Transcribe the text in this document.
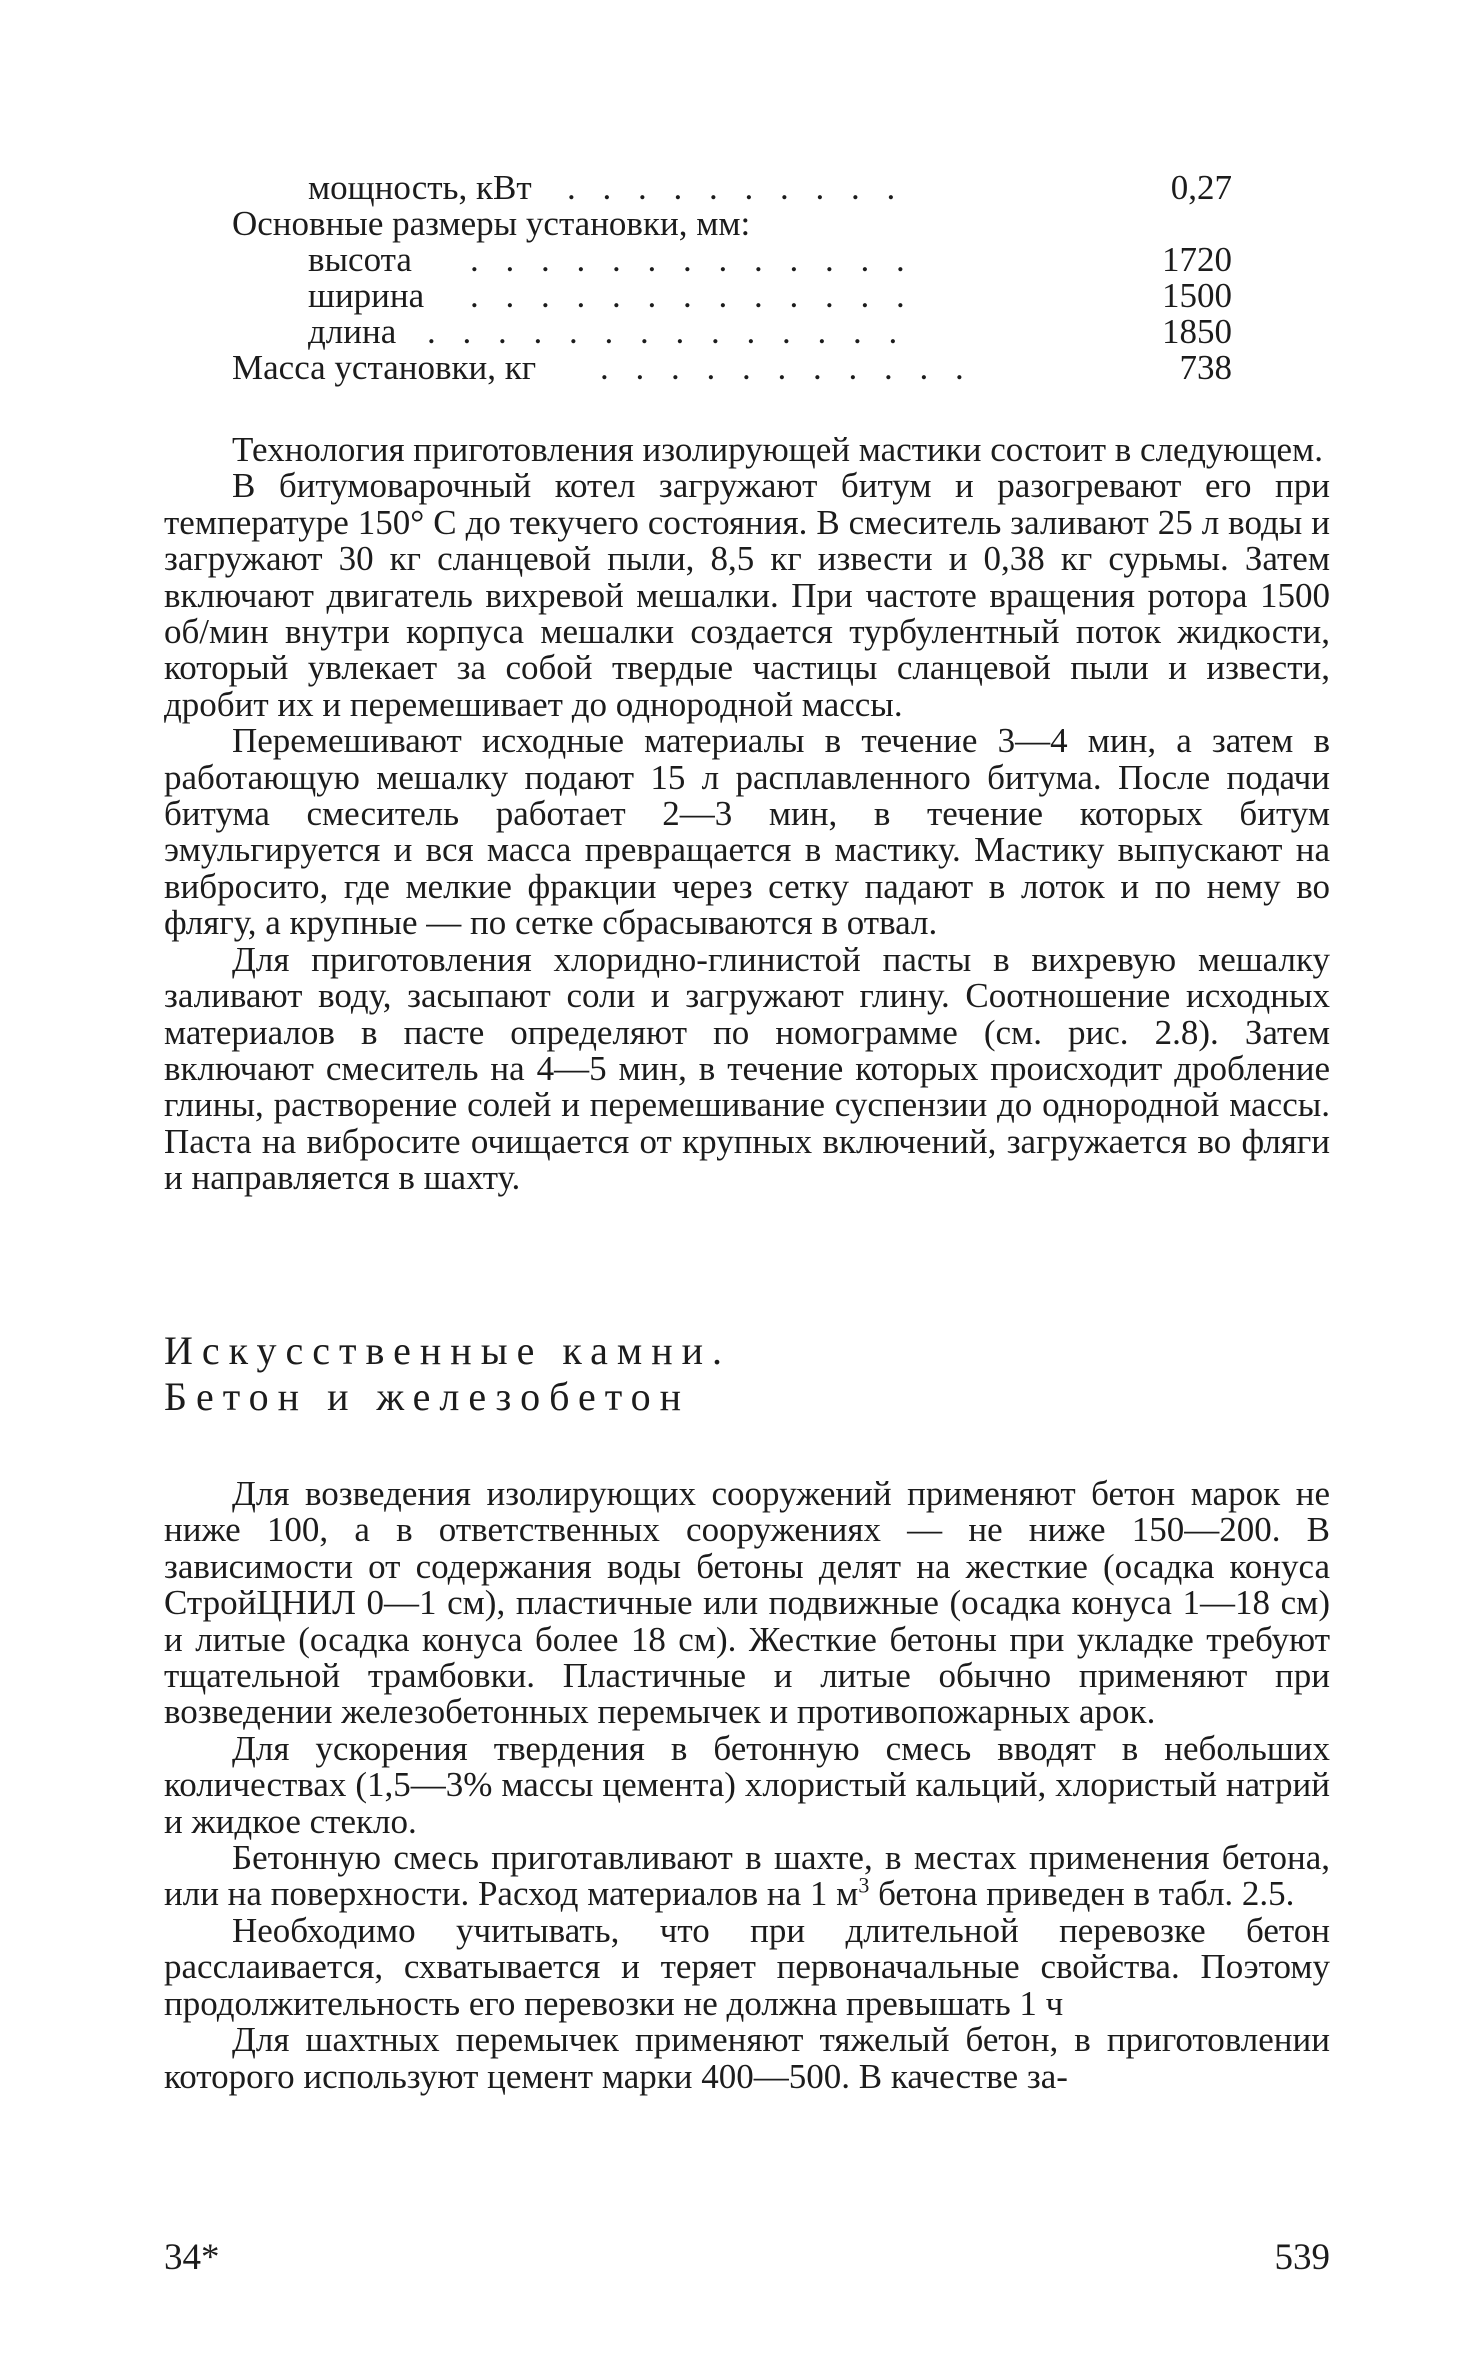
мощность, кВт . . . . . . . . . .	0,27
Основные размеры установки, мм:
высота . . . . . . . . . . . . .	1720
ширина . . . . . . . . . . . . .	1500
длина . . . . . . . . . . . . . .	1850
Масса установки, кг . . . . . . . . . . .	738

Технология приготовления изолирующей мастики состоит в следующем.

В битумоварочный котел загружают битум и разогревают его при температуре 150° С до текучего состояния. В смеситель заливают 25 л воды и загружают 30 кг сланцевой пыли, 8,5 кг извести и 0,38 кг сурьмы. Затем включают двигатель вихревой мешалки. При частоте вращения ротора 1500 об/мин внутри корпуса мешалки создается турбулентный поток жидкости, который увлекает за собой твердые частицы сланцевой пыли и извести, дробит их и перемешивает до однородной массы.

Перемешивают исходные материалы в течение 3—4 мин, а затем в работающую мешалку подают 15 л расплавленного битума. После подачи битума смеситель работает 2—3 мин, в течение которых битум эмульгируется и вся масса превращается в мастику. Мастику выпускают на вибросито, где мелкие фракции через сетку падают в лоток и по нему во флягу, а крупные — по сетке сбрасываются в отвал.

Для приготовления хлоридно-глинистой пасты в вихревую мешалку заливают воду, засыпают соли и загружают глину. Соотношение исходных материалов в пасте определяют по номограмме (см. рис. 2.8). Затем включают смеситель на 4—5 мин, в течение которых происходит дробление глины, растворение солей и перемешивание суспензии до однородной массы. Паста на вибросите очищается от крупных включений, загружается во фляги и направляется в шахту.

Искусственные камни.
Бетон и железобетон

Для возведения изолирующих сооружений применяют бетон марок не ниже 100, а в ответственных сооружениях — не ниже 150—200. В зависимости от содержания воды бетоны делят на жесткие (осадка конуса СтройЦНИЛ 0—1 см), пластичные или подвижные (осадка конуса 1—18 см) и литые (осадка конуса более 18 см). Жесткие бетоны при укладке требуют тщательной трамбовки. Пластичные и литые обычно применяют при возведении железобетонных перемычек и противопожарных арок.

Для ускорения твердения в бетонную смесь вводят в небольших количествах (1,5—3% массы цемента) хлористый кальций, хлористый натрий и жидкое стекло.

Бетонную смесь приготавливают в шахте, в местах применения бетона, или на поверхности. Расход материалов на 1 $м^3$ бетона приведен в табл. 2.5.

Необходимо учитывать, что при длительной перевозке бетон расслаивается, схватывается и теряет первоначальные свойства. Поэтому продолжительность его перевозки не должна превышать 1 ч

Для шахтных перемычек применяют тяжелый бетон, в приготовлении которого используют цемент марки 400—500. В качестве за-

34*	539
